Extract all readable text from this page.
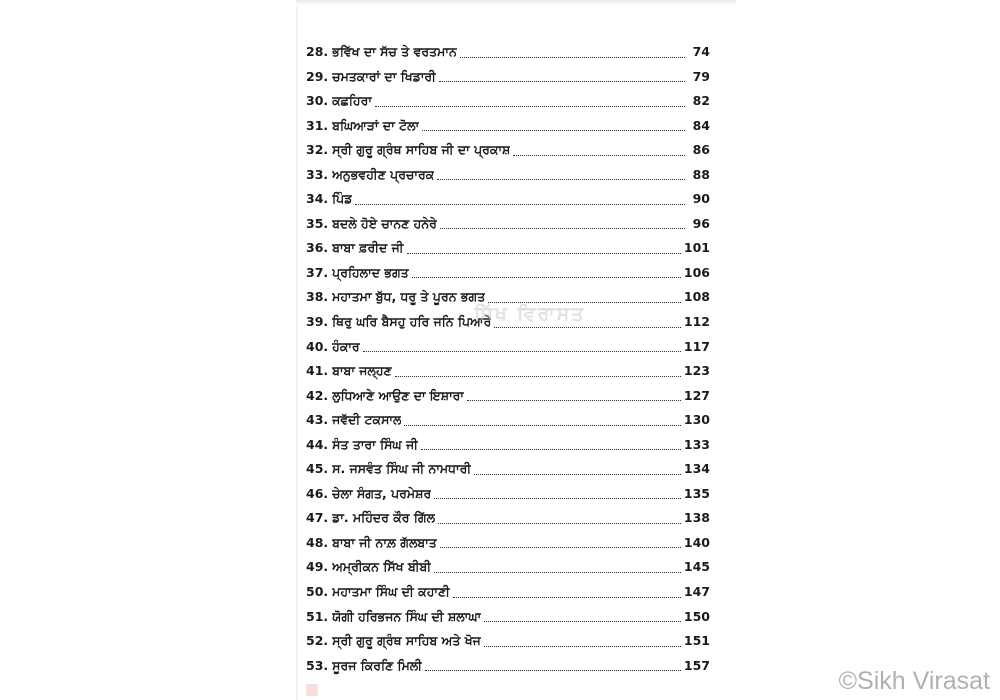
28. ਭਵਿੱਖ ਦਾ ਸੱਚ ਤੇ ਵਰਤਮਾਨ	74
29. ਚਮਤਕਾਰਾਂ ਦਾ ਖਿਡਾਰੀ	79
30. ਕਛਹਿਰਾ	82
31. ਬਘਿਆੜਾਂ ਦਾ ਟੋਲਾ	84
32. ਸ੍ਰੀ ਗੁਰੂ ਗ੍ਰੰਥ ਸਾਹਿਬ ਜੀ ਦਾ ਪ੍ਰਕਾਸ਼	86
33. ਅਨੁਭਵਹੀਣ ਪ੍ਰਚਾਰਕ	88
34. ਪਿੰਡ	90
35. ਬਦਲੇ ਹੋਏ ਚਾਨਣ ਹਨੇਰੇ	96
36. ਬਾਬਾ ਫ਼ਰੀਦ ਜੀ	101
37. ਪ੍ਰਹਿਲਾਦ ਭਗਤ	106
38. ਮਹਾਤਮਾ ਬੁੱਧ, ਧਰੂ ਤੇ ਪੂਰਨ ਭਗਤ	108
39. ਥਿਰੁ ਘਰਿ ਬੈਸਹੁ ਹਰਿ ਜਨਿ ਪਿਆਰੇ	112
40. ਹੰਕਾਰ	117
41. ਬਾਬਾ ਜਲ੍ਹਣ	123
42. ਲੁਧਿਆਣੇ ਆਉਣ ਦਾ ਇਸ਼ਾਰਾ	127
43. ਜਵੱਦੀ ਟਕਸਾਲ	130
44. ਸੰਤ ਤਾਰਾ ਸਿੰਘ ਜੀ	133
45. ਸ. ਜਸਵੰਤ ਸਿੰਘ ਜੀ ਨਾਮਧਾਰੀ	134
46. ਚੇਲਾ ਸੰਗਤ, ਪਰਮੇਸ਼ਰ	135
47. ਡਾ. ਮਹਿੰਦਰ ਕੌਰ ਗਿੱਲ	138
48. ਬਾਬਾ ਜੀ ਨਾਲ਼ ਗੱਲਬਾਤ	140
49. ਅਮ੍ਰੀਕਨ ਸਿੱਖ ਬੀਬੀ	145
50. ਮਹਾਤਮਾ ਸਿੰਘ ਦੀ ਕਹਾਣੀ	147
51. ਯੋਗੀ ਹਰਿਭਜਨ ਸਿੰਘ ਦੀ ਸ਼ਲਾਘਾ	150
52. ਸ੍ਰੀ ਗੁਰੂ ਗ੍ਰੰਥ ਸਾਹਿਬ ਅਤੇ ਖੋਜ	151
53. ਸੂਰਜ ਕਿਰਣਿ ਮਿਲੀ	157
ਸਿੱਖ ਵਿਰਾਸਤ
©Sikh Virasat
